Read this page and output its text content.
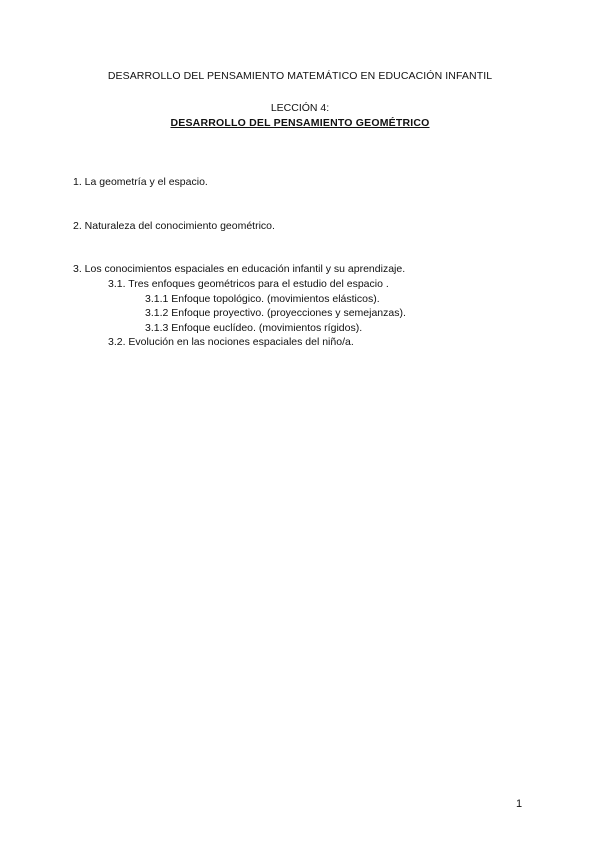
DESARROLLO DEL PENSAMIENTO MATEMÁTICO EN EDUCACIÓN INFANTIL
LECCIÓN 4:
DESARROLLO DEL PENSAMIENTO GEOMÉTRICO
1. La geometría y el espacio.
2. Naturaleza del conocimiento geométrico.
3. Los conocimientos espaciales en educación infantil y su aprendizaje.
3.1. Tres enfoques geométricos para el estudio del espacio .
3.1.1 Enfoque topológico. (movimientos elásticos).
3.1.2 Enfoque proyectivo. (proyecciones y semejanzas).
3.1.3 Enfoque euclídeo. (movimientos rígidos).
3.2. Evolución en las nociones espaciales del niño/a.
1
